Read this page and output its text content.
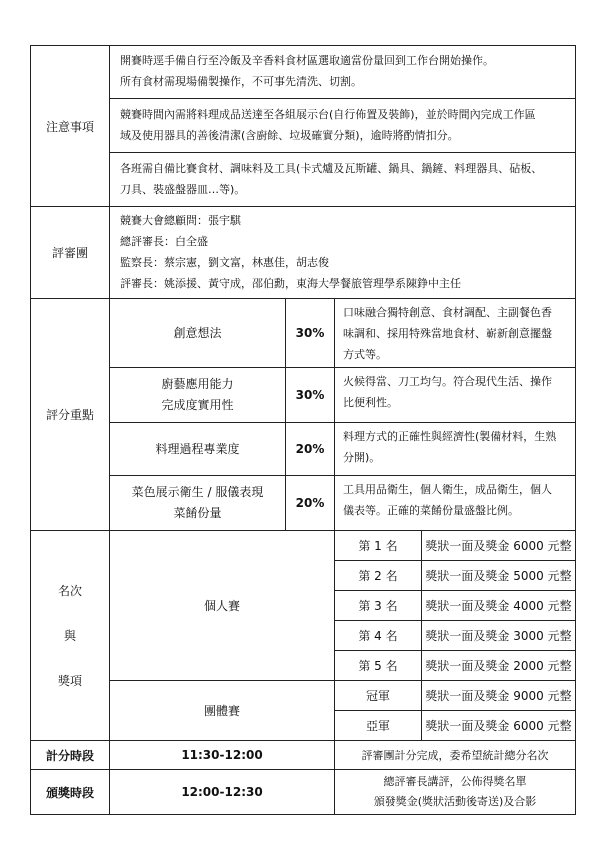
注意事項
開賽時逕手備自行至冷飯及辛香料食材區選取適當份量回到工作台開始操作。
所有食材需現場備製操作，不可事先清洗、切割。
競賽時間內需將料理成品送達至各組展示台(自行佈置及裝飾)，並於時間內完成工作區
域及使用器具的善後清潔(含廚餘、垃圾確實分類)，逾時將酌情扣分。
各班需自備比賽食材、調味料及工具(卡式爐及瓦斯罐、鍋具、鍋鏟、料理器具、砧板、
刀具、裝盛盤器皿…等)。
評審團
競賽大會總顧問：張宇騏
總評審長：白全盛
監察長：蔡宗憲，劉文富，林惠佳，胡志俊
評審長：姚添援、黃守成，邵伯勳，東海大學餐旅管理學系陳錚中主任
評分重點
創意想法	30%
口味融合獨特創意、食材調配、主副餐色香
味調和、採用特殊當地食材、嶄新創意擺盤
方式等。
廚藝應用能力
完成度實用性
30%
火候得當、刀工均勻。符合現代生活、操作
比便利性。
料理過程專業度	20%
料理方式的正確性與經濟性(製備材料，生熟
分開)。
菜色展示衛生 / 服儀表現
菜餚份量
20%
工具用品衛生，個人衛生，成品衛生，個人
儀表等。正確的菜餚份量盛盤比例。
名次
與
獎項
個人賽
第 1 名	獎狀一面及獎金 6000 元整
第 2 名	獎狀一面及獎金 5000 元整
第 3 名	獎狀一面及獎金 4000 元整
第 4 名	獎狀一面及獎金 3000 元整
第 5 名	獎狀一面及獎金 2000 元整
團體賽
冠軍	獎狀一面及獎金 9000 元整
亞軍	獎狀一面及獎金 6000 元整
計分時段	11:30-12:00	評審團計分完成，委希望統計總分名次
頒獎時段	12:00-12:30
總評審長講評，公佈得獎名單
頒發獎金(獎狀活動後寄送)及合影
